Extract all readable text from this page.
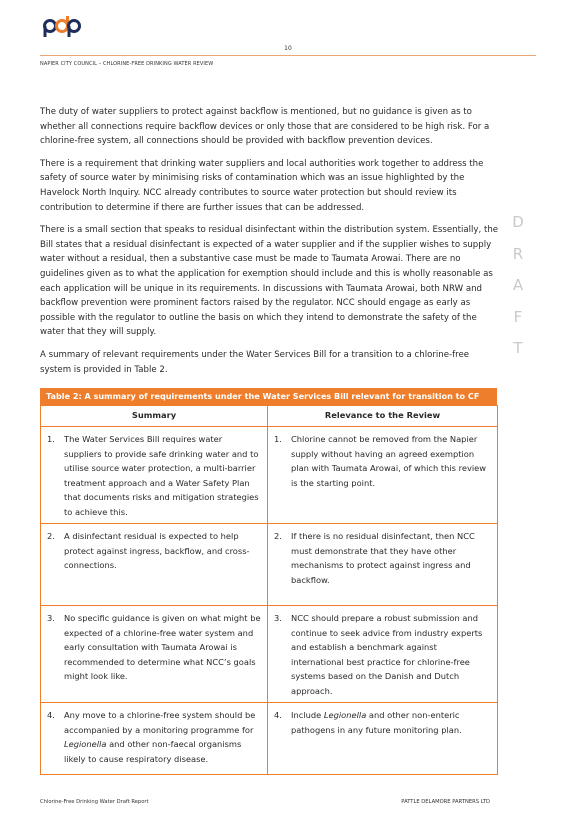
10
NAPIER CITY COUNCIL – CHLORINE-FREE DRINKING WATER REVIEW

The duty of water suppliers to protect against backflow is mentioned, but no guidance is given as to whether all connections require backflow devices or only those that are considered to be high risk. For a chlorine-free system, all connections should be provided with backflow prevention devices.

There is a requirement that drinking water suppliers and local authorities work together to address the safety of source water by minimising risks of contamination which was an issue highlighted by the Havelock North Inquiry. NCC already contributes to source water protection but should review its contribution to determine if there are further issues that can be addressed.

There is a small section that speaks to residual disinfectant within the distribution system. Essentially, the Bill states that a residual disinfectant is expected of a water supplier and if the supplier wishes to supply water without a residual, then a substantive case must be made to Taumata Arowai. There are no guidelines given as to what the application for exemption should include and this is wholly reasonable as each application will be unique in its requirements. In discussions with Taumata Arowai, both NRW and backflow prevention were prominent factors raised by the regulator. NCC should engage as early as possible with the regulator to outline the basis on which they intend to demonstrate the safety of the water that they will supply.

A summary of relevant requirements under the Water Services Bill for a transition to a chlorine-free system is provided in Table 2.

D
R
A
F
T
Table 2: A summary of requirements under the Water Services Bill relevant for transition to CF
Summary	Relevance to the Review

1. The Water Services Bill requires water suppliers to provide safe drinking water and to utilise source water protection, a multi-barrier treatment approach and a Water Safety Plan that documents risks and mitigation strategies to achieve this.	1. Chlorine cannot be removed from the Napier supply without having an agreed exemption plan with Taumata Arowai, of which this review is the starting point.

2. A disinfectant residual is expected to help protect against ingress, backflow, and cross-connections.	2. If there is no residual disinfectant, then NCC must demonstrate that they have other mechanisms to protect against ingress and backflow.

3. No specific guidance is given on what might be expected of a chlorine-free water system and early consultation with Taumata Arowai is recommended to determine what NCC’s goals might look like.	3. NCC should prepare a robust submission and continue to seek advice from industry experts and establish a benchmark against international best practice for chlorine-free systems based on the Danish and Dutch approach.

4. Any move to a chlorine-free system should be accompanied by a monitoring programme for Legionella and other non-faecal organisms likely to cause respiratory disease.	4. Include Legionella and other non-enteric pathogens in any future monitoring plan.
Chlorine-Free Drinking Water Draft Report	PATTLE DELAMORE PARTNERS LTD
